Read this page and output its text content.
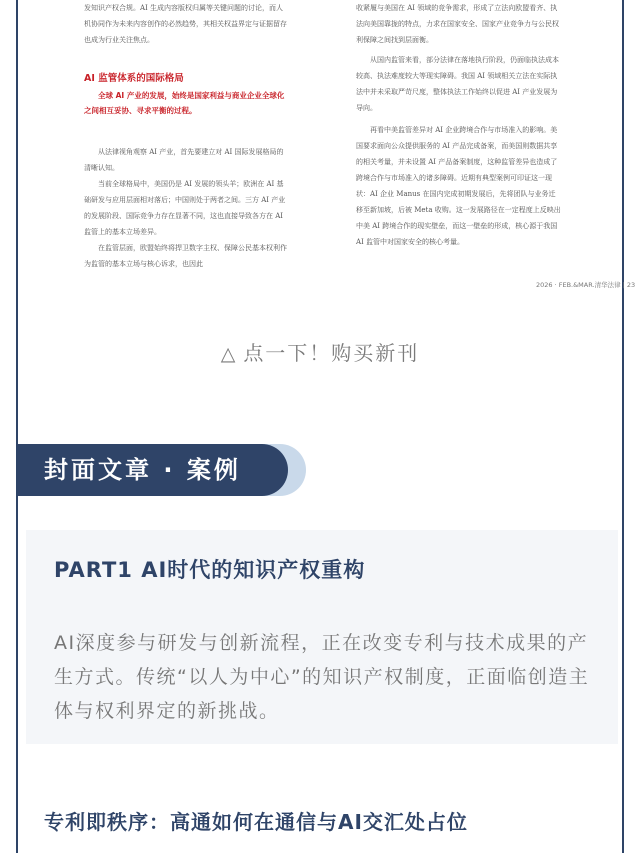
发知识产权合规。AI 生成内容版权归属等关键问题的讨论，而人机协同作为未来内容创作的必然趋势，其相关权益界定与证据留存也成为行业关注焦点。

AI 监管体系的国际格局

全球 AI 产业的发展，始终是国家利益与商业企业全球化之间相互妥协、寻求平衡的过程。

从法律视角观察 AI 产业，首先要建立对 AI 国际发展格局的清晰认知。

当前全球格局中，美国仍是 AI 发展的领头羊；欧洲在 AI 基础研发与应用层面相对落后；中国则处于两者之间。三方 AI 产业的发展阶段、国际竞争力存在显著不同，这也直接导致各方在 AI 监管上的基本立场差异。

在监管层面，欧盟始终将捍卫数字主权、保障公民基本权利作为监管的基本立场与核心诉求，也因此

收紧履与美国在 AI 领域的竞争需求，形成了立法向欧盟看齐、执法向美国靠拢的特点，力求在国家安全、国家产业竞争力与公民权利保障之间找到层面衡。

从国内监管来看，部分法律在落地执行阶段，仍面临执法成本较高、执法难度较大等现实障碍。我国 AI 领域相关立法在实际执法中并未采取严苛尺度，整体执法工作始终以促进 AI 产业发展为导向。

再看中美监管差异对 AI 企业跨境合作与市场准入的影响。美国要求面向公众提供服务的 AI 产品完成备案，而美国则数据共享的相关考量，并未设置 AI 产品备案制度，这种监管差异也造成了跨境合作与市场准入的诸多障碍。近期有典型案例可印证这一现状：AI 企业 Manus 在国内完成初期发展后，先将团队与业务迁移至新加坡，后被 Meta 收购。这一发展路径在一定程度上反映出中美 AI 跨境合作的现实壁垒，而这一壁垒的形成，核心源于我国 AI 监管中对国家安全的核心考量。

2026 · FEB.&MAR.清华法律 | 23
△ 点一下！购买新刊
封面文章 · 案例
PART1 AI时代的知识产权重构
AI深度参与研发与创新流程，正在改变专利与技术成果的产生方式。传统“以人为中心”的知识产权制度，正面临创造主体与权利界定的新挑战。
专利即秩序：高通如何在通信与AI交汇处占位
